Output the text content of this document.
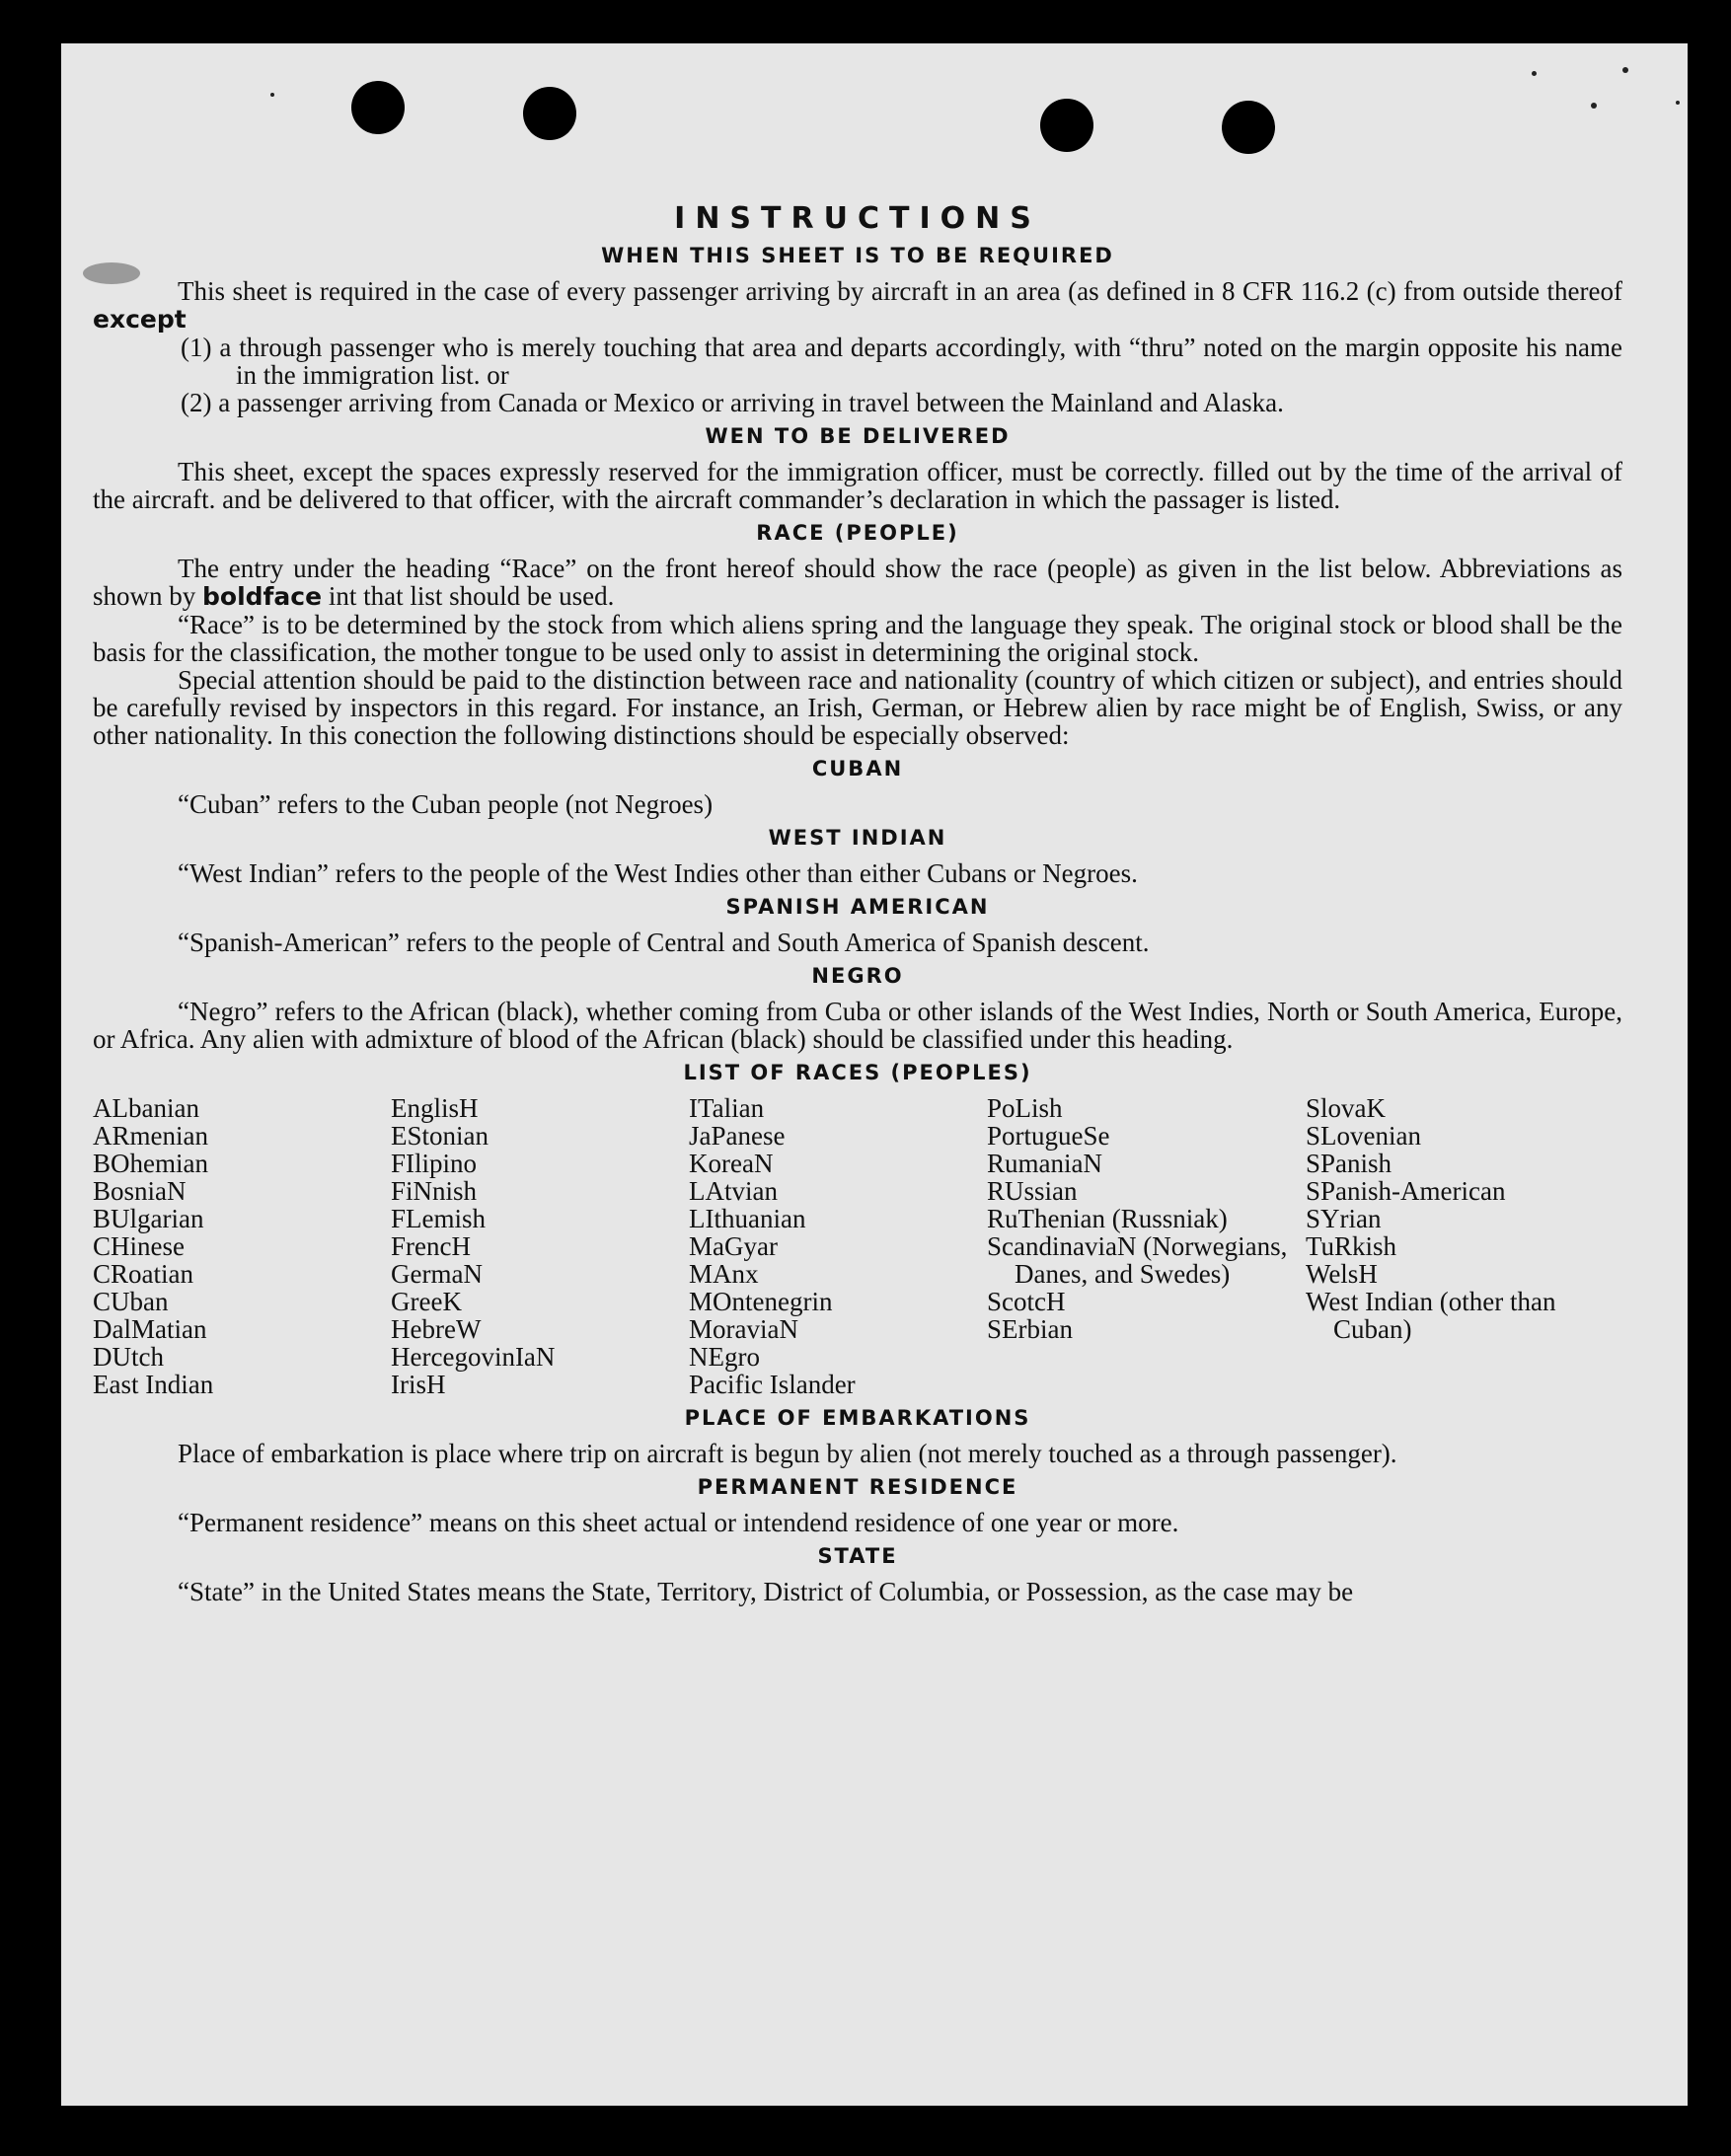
INSTRUCTIONS
WHEN THIS SHEET IS TO BE REQUIRED

This sheet is required in the case of every passenger arriving by aircraft in an area (as defined in 8 CFR 116.2 (c) from outside thereof except

(1) a through passenger who is merely touching that area and departs accordingly, with “thru” noted on the margin opposite his name in the immigration list. or

(2) a passenger arriving from Canada or Mexico or arriving in travel between the Mainland and Alaska.

WEN TO BE DELIVERED

This sheet, except the spaces expressly reserved for the immigration officer, must be correctly. filled out by the time of the arrival of the aircraft. and be delivered to that officer, with the aircraft commander’s declaration in which the passager is listed.

RACE (PEOPLE)

The entry under the heading “Race” on the front hereof should show the race (people) as given in the list below. Abbreviations as shown by boldface int that list should be used.

“Race” is to be determined by the stock from which aliens spring and the language they speak. The original stock or blood shall be the basis for the classification, the mother tongue to be used only to assist in determining the original stock.

Special attention should be paid to the distinction between race and nationality (country of which citizen or subject), and entries should be carefully revised by inspectors in this regard. For instance, an Irish, German, or Hebrew alien by race might be of English, Swiss, or any other nationality. In this conection the following distinctions should be especially observed:

CUBAN

“Cuban” refers to the Cuban people (not Negroes)

WEST INDIAN

“West Indian” refers to the people of the West Indies other than either Cubans or Negroes.

SPANISH AMERICAN

“Spanish-American” refers to the people of Central and South America of Spanish descent.

NEGRO

“Negro” refers to the African (black), whether coming from Cuba or other islands of the West Indies, North or South America, Europe, or Africa. Any alien with admixture of blood of the African (black) should be classified under this heading.

LIST OF RACES (PEOPLES)
ALbanian
ARmenian
BOhemian
BosniaN
BUlgarian
CHinese
CRoatian
CUban
DalMatian
DUtch
East Indian
EnglisH
EStonian
FIlipino
FiNnish
FLemish
FrencH
GermaN
GreeK
HebreW
HercegovinIaN
IrisH
ITalian
JaPanese
KoreaN
LAtvian
LIthuanian
MaGyar
MAnx
MOntenegrin
MoraviaN
NEgro
Pacific Islander
PoLish
PortugueSe
RumaniaN
RUssian
RuThenian (Russniak)
ScandinaviaN (Norwegians, Danes, and Swedes)
ScotcH
SErbian
SlovaK
SLovenian
SPanish
SPanish-American
SYrian
TuRkish
WelsH
West Indian (other than Cuban)
PLACE OF EMBARKATIONS

Place of embarkation is place where trip on aircraft is begun by alien (not merely touched as a through passenger).

PERMANENT RESIDENCE

“Permanent residence” means on this sheet actual or intendend residence of one year or more.

STATE

“State” in the United States means the State, Territory, District of Columbia, or Possession, as the case may be
